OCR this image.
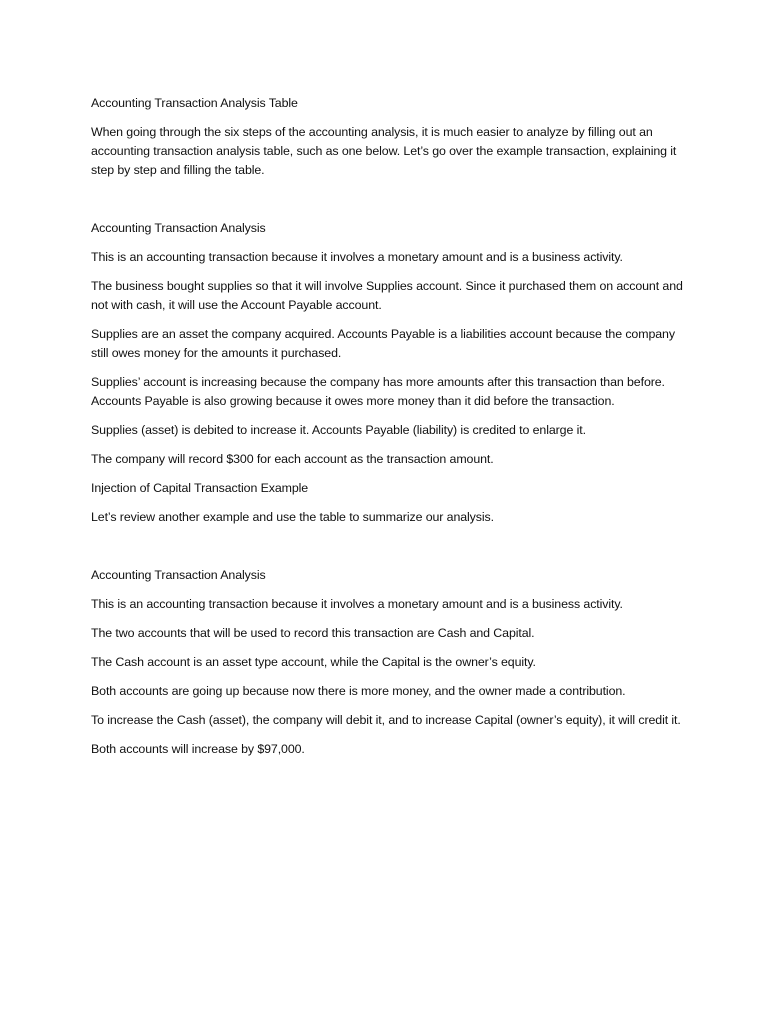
Accounting Transaction Analysis Table

When going through the six steps of the accounting analysis, it is much easier to analyze by filling out an accounting transaction analysis table, such as one below. Let’s go over the example transaction, explaining it step by step and filling the table.

Accounting Transaction Analysis

This is an accounting transaction because it involves a monetary amount and is a business activity.

The business bought supplies so that it will involve Supplies account. Since it purchased them on account and not with cash, it will use the Account Payable account.

Supplies are an asset the company acquired. Accounts Payable is a liabilities account because the company still owes money for the amounts it purchased.

Supplies’ account is increasing because the company has more amounts after this transaction than before. Accounts Payable is also growing because it owes more money than it did before the transaction.

Supplies (asset) is debited to increase it. Accounts Payable (liability) is credited to enlarge it.

The company will record $300 for each account as the transaction amount.

Injection of Capital Transaction Example

Let’s review another example and use the table to summarize our analysis.

Accounting Transaction Analysis

This is an accounting transaction because it involves a monetary amount and is a business activity.

The two accounts that will be used to record this transaction are Cash and Capital.

The Cash account is an asset type account, while the Capital is the owner’s equity.

Both accounts are going up because now there is more money, and the owner made a contribution.

To increase the Cash (asset), the company will debit it, and to increase Capital (owner’s equity), it will credit it.

Both accounts will increase by $97,000.
